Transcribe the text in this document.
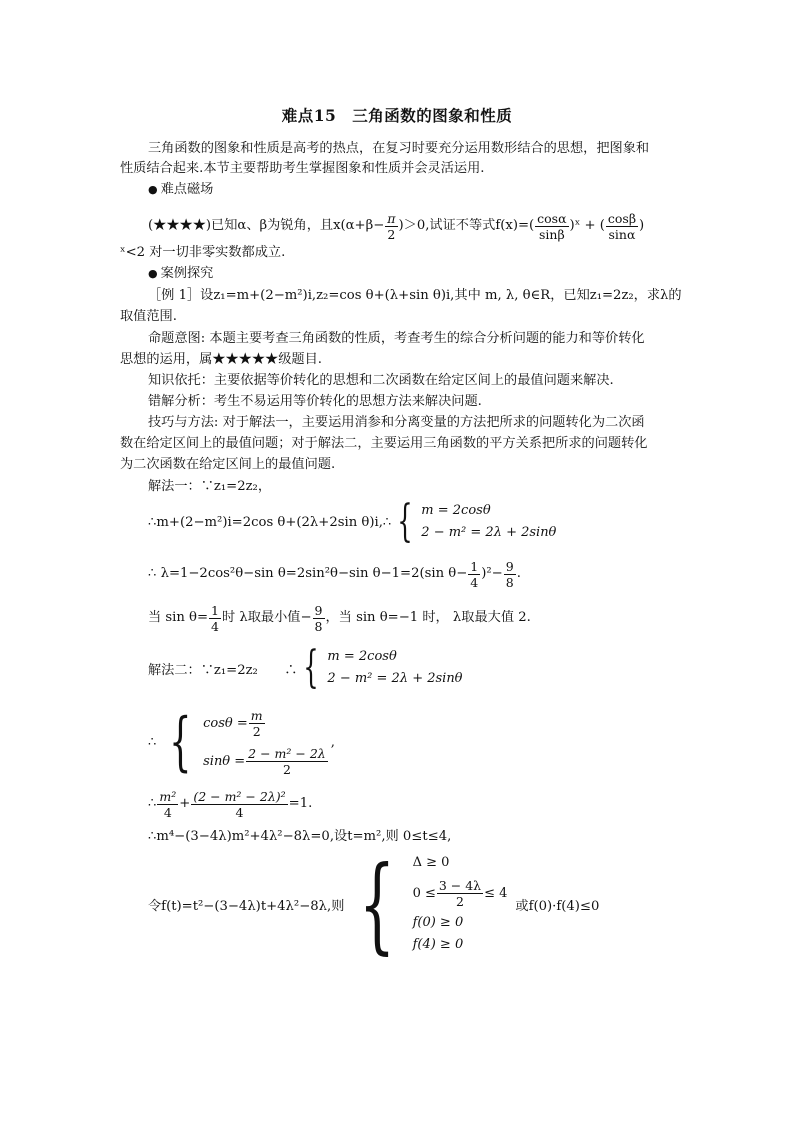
难点15　三角函数的图象和性质
三角函数的图象和性质是高考的热点，在复习时要充分运用数形结合的思想，把图象和
性质结合起来.本节主要帮助考生掌握图象和性质并会灵活运用.
● 难点磁场
(★★★★)已知α、β为锐角，且$x(\alpha+\beta- \frac{\pi}{2} )>0$,试证不等式$f(x)=( \frac{\cos\alpha}{\sin\beta}$ )ˣ + ( $\frac{\cos\beta}{\sin\alpha}$ )
ˣ<2 对一切非零实数都成立.
● 案例探究
［例 1］设z₁=m+(2−m²)i,z₂=cos θ+(λ+sin θ)i,其中 m, λ, θ∈R，已知z₁=2z₂，求λ的
取值范围.
命题意图: 本题主要考查三角函数的性质，考查考生的综合分析问题的能力和等价转化
思想的运用，属★★★★★级题目.
知识依托：主要依据等价转化的思想和二次函数在给定区间上的最值问题来解决.
错解分析：考生不易运用等价转化的思想方法来解决问题.
技巧与方法: 对于解法一，主要运用消参和分离变量的方法把所求的问题转化为二次函
数在给定区间上的最值问题；对于解法二，主要运用三角函数的平方关系把所求的问题转化
为二次函数在给定区间上的最值问题.
解法一：∵z₁=2z₂，
∴m+(2−m²)i=2cos θ+(2λ+2sin θ)i,∴ { m = 2cosθ
2 − m² = 2λ + 2sinθ
∴ λ=1−2cos²θ−sin θ=2sin²θ−sin θ−1=2(sin $\theta- \frac{1}{4} )^2- \frac{9}{8}$ .
当 $\sin \theta= \frac{1}{4}$ 时 λ取最小值− $\frac{9}{8}$ ，当 sin θ=−1 时， λ取最大值 2.
解法二：∵z₁=2z₂　　∴ { m = 2cosθ
2 − m² = 2λ + 2sinθ
∴ { $\cos\theta = \frac{m}{2}$
$\sin\theta = \frac{\text{2 − m² − 2λ}}{2}$
,
∴ $\frac{\text{m²}}{4} + \frac{\text{(2 − m² − 2λ)²}}{4} =1$.
∴m⁴−(3−4λ)m²+4λ²−8λ=0,设t=m²,则 0≤t≤4,
令f(t)=t²−(3−4λ)t+4λ²−8λ,则 { Δ ≥ 0
$0 \le \frac{3 - 4\lambda}{2} \le 4$
f(0) ≥ 0
f(4) ≥ 0
或f(0)·f(4)≤0
